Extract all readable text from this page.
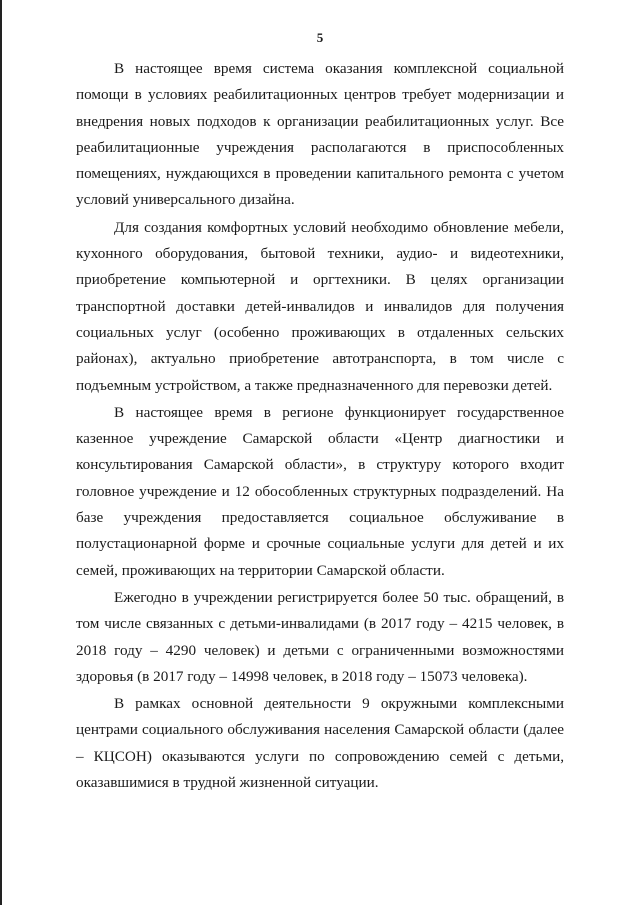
5

В настоящее время система оказания комплексной социальной помощи в условиях реабилитационных центров требует модернизации и внедрения новых подходов к организации реабилитационных услуг. Все реабилитационные учреждения располагаются в приспособленных помещениях, нуждающихся в проведении капитального ремонта с учетом условий универсального дизайна.

Для создания комфортных условий необходимо обновление мебели, кухонного оборудования, бытовой техники, аудио- и видеотехники, приобретение компьютерной и оргтехники. В целях организации транспортной доставки детей-инвалидов и инвалидов для получения социальных услуг (особенно проживающих в отдаленных сельских районах), актуально приобретение автотранспорта, в том числе с подъемным устройством, а также предназначенного для перевозки детей.

В настоящее время в регионе функционирует государственное казенное учреждение Самарской области «Центр диагностики и консультирования Самарской области», в структуру которого входит головное учреждение и 12 обособленных структурных подразделений. На базе учреждения предоставляется социальное обслуживание в полустационарной форме и срочные социальные услуги для детей и их семей, проживающих на территории Самарской области.

Ежегодно в учреждении регистрируется более 50 тыс. обращений, в том числе связанных с детьми-инвалидами (в 2017 году – 4215 человек, в 2018 году – 4290 человек) и детьми с ограниченными возможностями здоровья (в 2017 году – 14998 человек, в 2018 году – 15073 человека).

В рамках основной деятельности 9 окружными комплексными центрами социального обслуживания населения Самарской области (далее – КЦСОН) оказываются услуги по сопровождению семей с детьми, оказавшимися в трудной жизненной ситуации.
